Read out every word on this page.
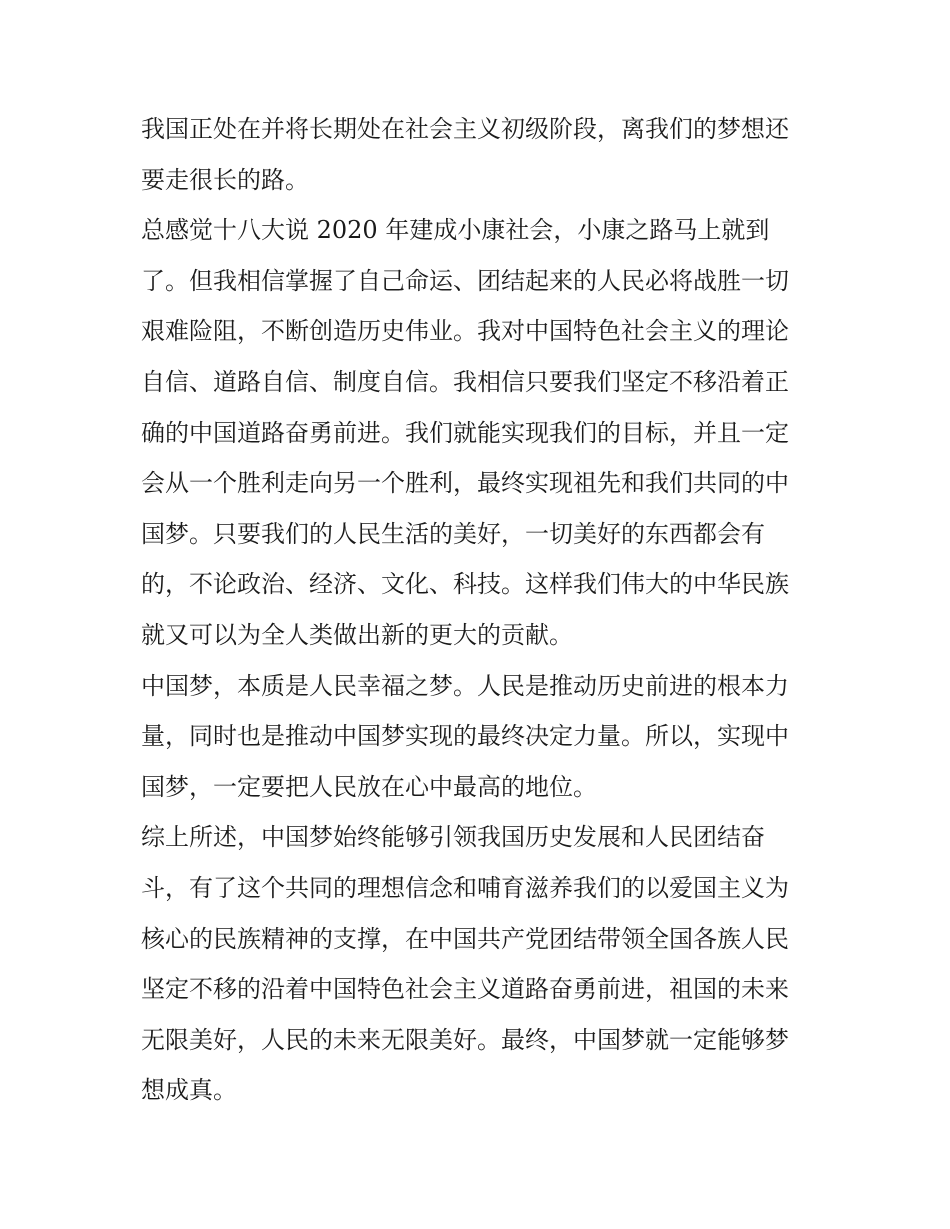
我国正处在并将长期处在社会主义初级阶段，离我们的梦想还
要走很长的路。
总感觉十八大说 2020 年建成小康社会，小康之路马上就到
了。但我相信掌握了自己命运、团结起来的人民必将战胜一切
艰难险阻，不断创造历史伟业。我对中国特色社会主义的理论
自信、道路自信、制度自信。我相信只要我们坚定不移沿着正
确的中国道路奋勇前进。我们就能实现我们的目标，并且一定
会从一个胜利走向另一个胜利，最终实现祖先和我们共同的中
国梦。只要我们的人民生活的美好，一切美好的东西都会有
的，不论政治、经济、文化、科技。这样我们伟大的中华民族
就又可以为全人类做出新的更大的贡献。
中国梦，本质是人民幸福之梦。人民是推动历史前进的根本力
量，同时也是推动中国梦实现的最终决定力量。所以，实现中
国梦，一定要把人民放在心中最高的地位。
综上所述，中国梦始终能够引领我国历史发展和人民团结奋
斗，有了这个共同的理想信念和哺育滋养我们的以爱国主义为
核心的民族精神的支撑，在中国共产党团结带领全国各族人民
坚定不移的沿着中国特色社会主义道路奋勇前进，祖国的未来
无限美好，人民的未来无限美好。最终，中国梦就一定能够梦
想成真。
